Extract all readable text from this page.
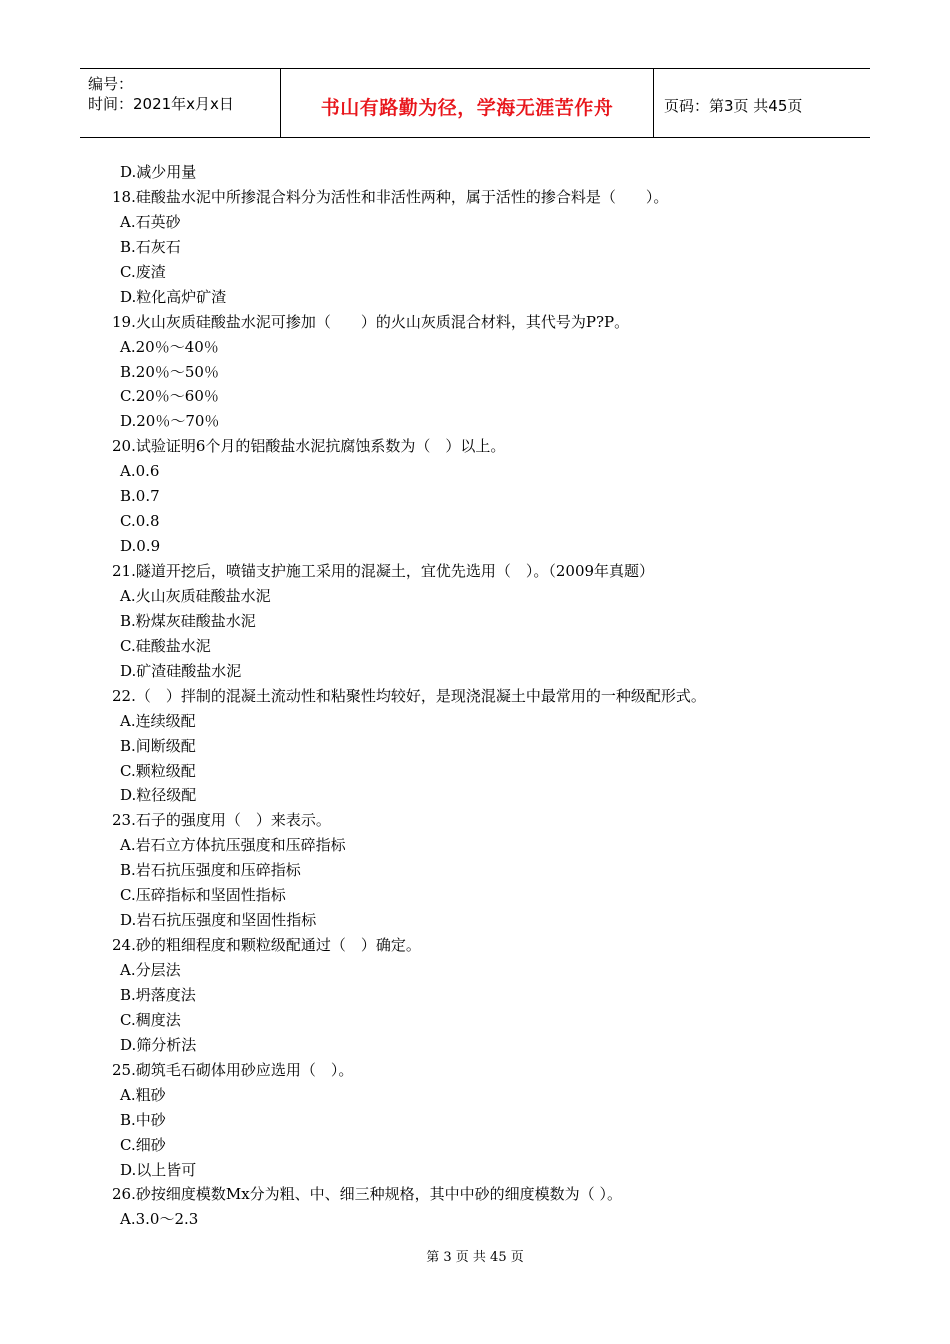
编号：
时间：2021年x月x日	书山有路勤为径，学海无涯苦作舟	页码：第3页 共45页
D.减少用量
18.硅酸盐水泥中所掺混合料分为活性和非活性两种，属于活性的掺合料是（　　）。
A.石英砂
B.石灰石
C.废渣
D.粒化高炉矿渣
19.火山灰质硅酸盐水泥可掺加（　　）的火山灰质混合材料，其代号为P?P。
A.20％～40％
B.20％～50％
C.20％～60％
D.20％～70％
20.试验证明6个月的铝酸盐水泥抗腐蚀系数为（　）以上。
A.0.6
B.0.7
C.0.8
D.0.9
21.隧道开挖后，喷锚支护施工采用的混凝土，宜优先选用（　）。（2009年真题）
A.火山灰质硅酸盐水泥
B.粉煤灰硅酸盐水泥
C.硅酸盐水泥
D.矿渣硅酸盐水泥
22.（　）拌制的混凝土流动性和粘聚性均较好，是现浇混凝土中最常用的一种级配形式。
A.连续级配
B.间断级配
C.颗粒级配
D.粒径级配
23.石子的强度用（　）来表示。
A.岩石立方体抗压强度和压碎指标
B.岩石抗压强度和压碎指标
C.压碎指标和坚固性指标
D.岩石抗压强度和坚固性指标
24.砂的粗细程度和颗粒级配通过（　）确定。
A.分层法
B.坍落度法
C.稠度法
D.筛分析法
25.砌筑毛石砌体用砂应选用（　）。
A.粗砂
B.中砂
C.细砂
D.以上皆可
26.砂按细度模数Mx分为粗、中、细三种规格，其中中砂的细度模数为（ ）。
A.3.0～2.3
第 3 页 共 45 页
